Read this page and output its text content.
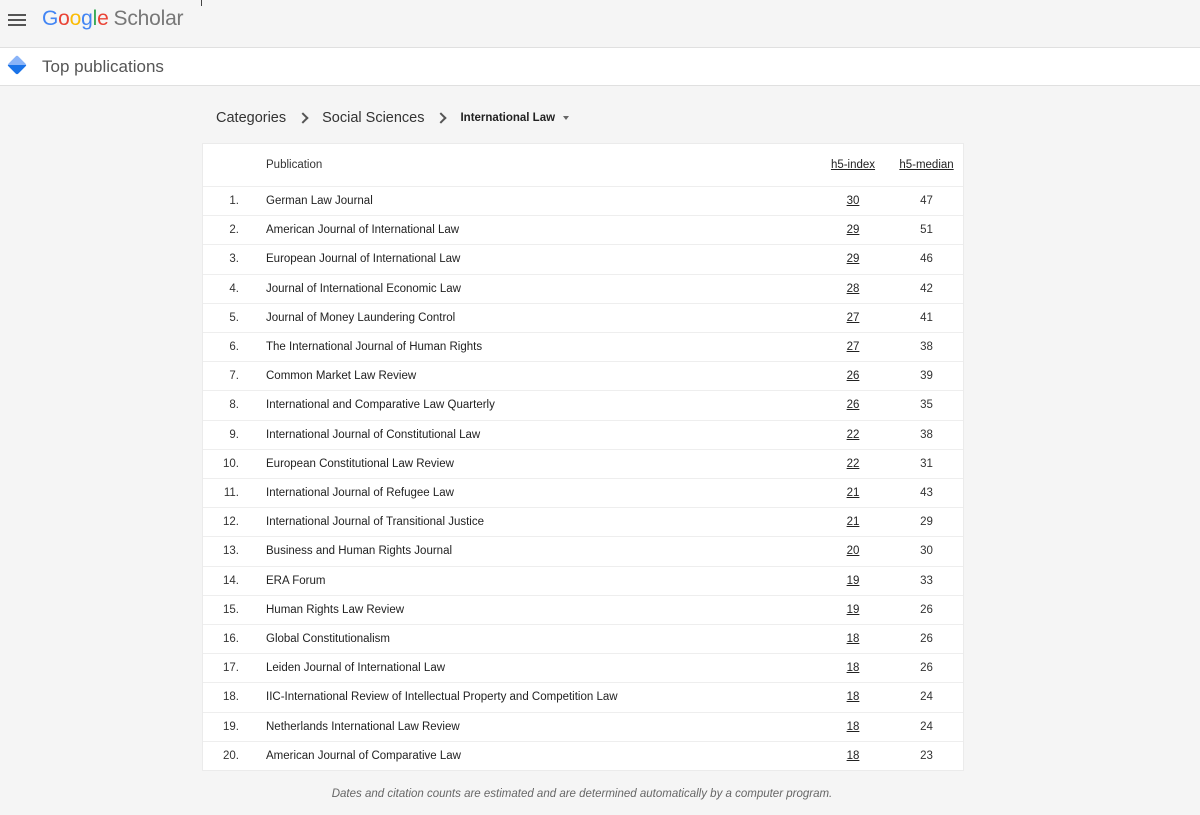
Google Scholar
Top publications
Categories Social Sciences	International Law
Publication	h5-index	h5-median
1. German Law Journal	30	47
2. American Journal of International Law	29	51
3. European Journal of International Law	29	46
4. Journal of International Economic Law	28	42
5. Journal of Money Laundering Control	27	41
6. The International Journal of Human Rights	27	38
7. Common Market Law Review	26	39
8. International and Comparative Law Quarterly	26	35
9. International Journal of Constitutional Law	22	38
10. European Constitutional Law Review	22	31
11. International Journal of Refugee Law	21	43
12. International Journal of Transitional Justice	21	29
13. Business and Human Rights Journal	20	30
14. ERA Forum	19	33
15. Human Rights Law Review	19	26
16. Global Constitutionalism	18	26
17. Leiden Journal of International Law	18	26
18. IIC-International Review of Intellectual Property and Competition Law	18	24
19. Netherlands International Law Review	18	24
20. American Journal of Comparative Law	18	23
Dates and citation counts are estimated and are determined automatically by a computer program.
